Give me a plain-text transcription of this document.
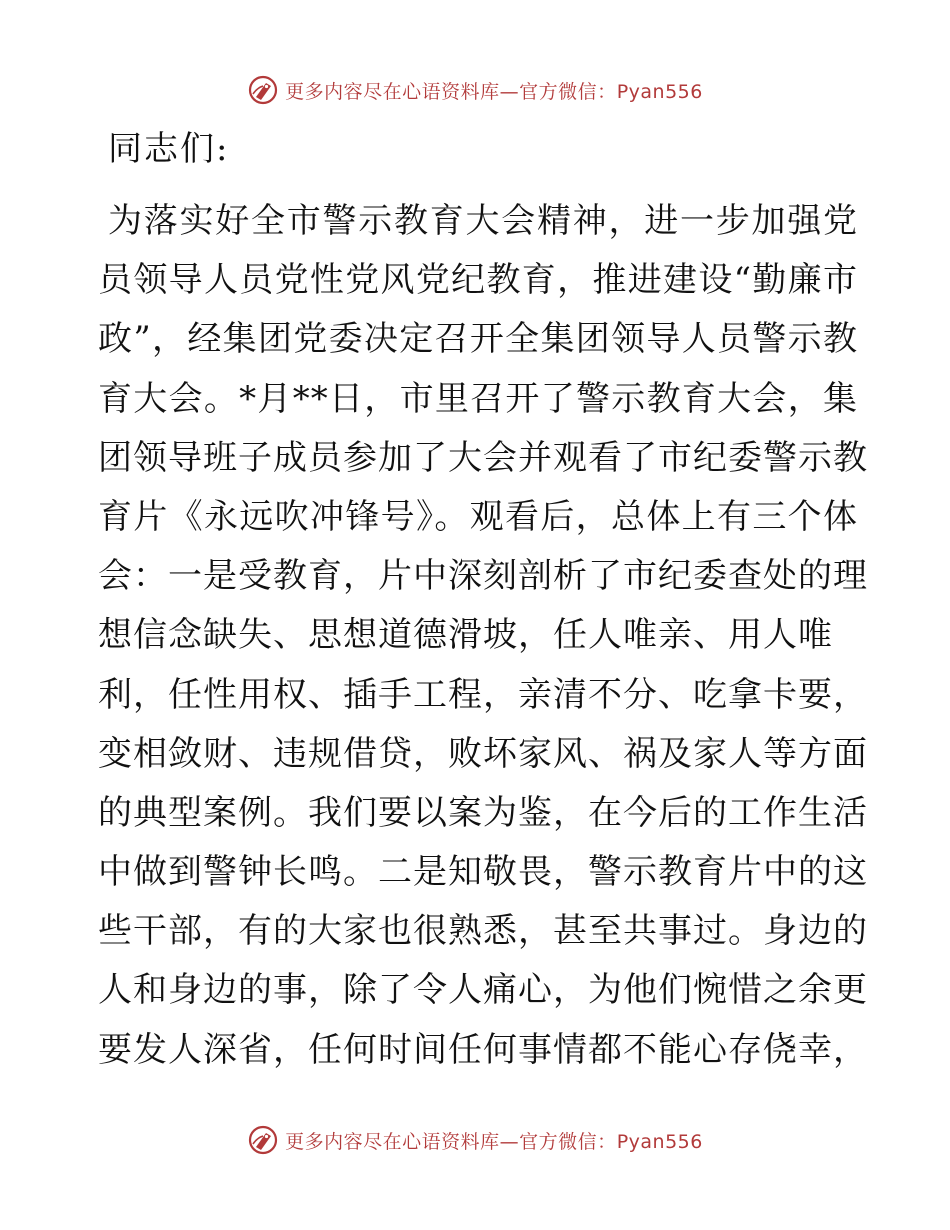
更多内容尽在心语资料库—官方微信：Pyan556
同志们:
为落实好全市警示教育大会精神，进一步加强党
员领导人员党性党风党纪教育，推进建设“勤廉市
政”，经集团党委决定召开全集团领导人员警示教
育大会。*月**日，市里召开了警示教育大会，集
团领导班子成员参加了大会并观看了市纪委警示教
育片《永远吹冲锋号》。观看后，总体上有三个体
会：一是受教育，片中深刻剖析了市纪委查处的理
想信念缺失、思想道德滑坡，任人唯亲、用人唯
利，任性用权、插手工程，亲清不分、吃拿卡要，
变相敛财、违规借贷，败坏家风、祸及家人等方面
的典型案例。我们要以案为鉴，在今后的工作生活
中做到警钟长鸣。二是知敬畏，警示教育片中的这
些干部，有的大家也很熟悉，甚至共事过。身边的
人和身边的事，除了令人痛心，为他们惋惜之余更
要发人深省，任何时间任何事情都不能心存侥幸，
更多内容尽在心语资料库—官方微信：Pyan556
